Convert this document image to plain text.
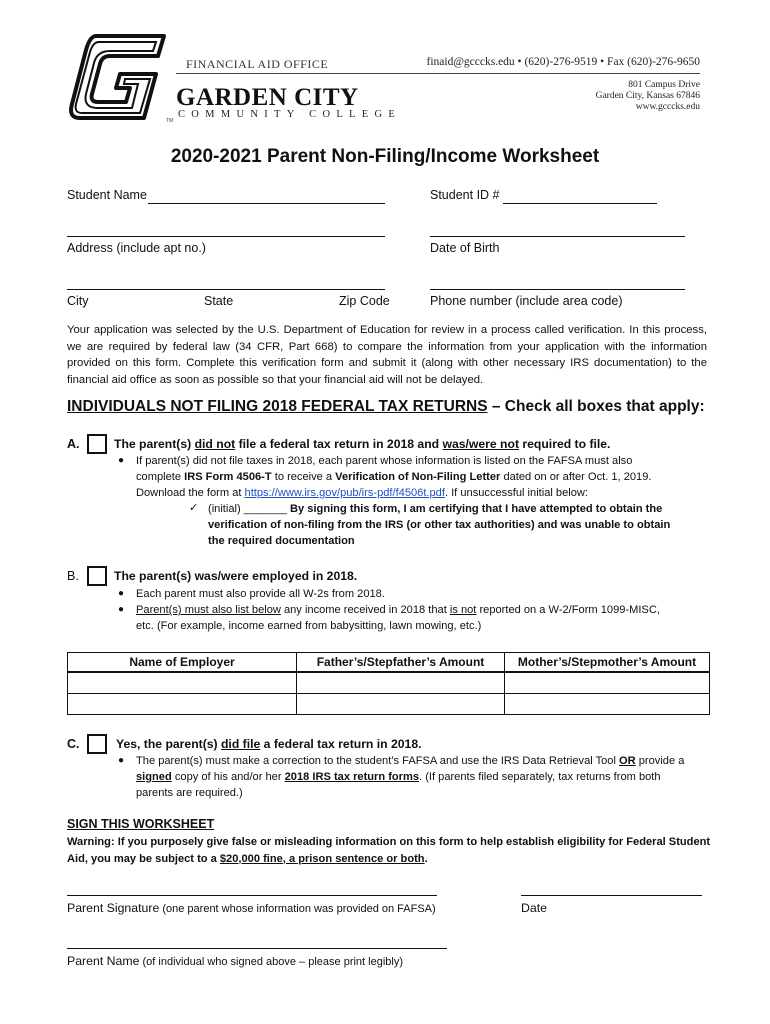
TM
FINANCIAL AID OFFICE	finaid@gcccks.edu • (620)-276-9519 • Fax (620)-276-9650
GARDEN CITY
COMMUNITY COLLEGE
801 Campus Drive
Garden City, Kansas 67846
www.gcccks.edu
2020-2021 Parent Non-Filing/Income Worksheet
Student Name	Student ID #
Address (include apt no.)	Date of Birth
City	State	Zip Code	Phone number (include area code)
Your application was selected by the U.S. Department of Education for review in a process called verification. In this process, we are required by federal law (34 CFR, Part 668) to compare the information from your application with the information provided on this form. Complete this verification form and submit it (along with other necessary IRS documentation) to the financial aid office as soon as possible so that your financial aid will not be delayed.
INDIVIDUALS NOT FILING 2018 FEDERAL TAX RETURNS – Check all boxes that apply:
A.	The parent(s) did not file a federal tax return in 2018 and was/were not required to file.
● If parent(s) did not file taxes in 2018, each parent whose information is listed on the FAFSA must also
complete IRS Form 4506-T to receive a Verification of Non-Filing Letter dated on or after Oct. 1, 2019.
Download the form at https://www.irs.gov/pub/irs-pdf/f4506t.pdf. If unsuccessful initial below:
✓ (initial) _______ By signing this form, I am certifying that I have attempted to obtain the
verification of non-filing from the IRS (or other tax authorities) and was unable to obtain
the required documentation
B.	The parent(s) was/were employed in 2018.
● Each parent must also provide all W-2s from 2018.
● Parent(s) must also list below any income received in 2018 that is not reported on a W-2/Form 1099-MISC,
etc. (For example, income earned from babysitting, lawn mowing, etc.)
Name of Employer	Father’s/Stepfather’s Amount	Mother’s/Stepmother’s Amount

C.	Yes, the parent(s) did file a federal tax return in 2018.
● The parent(s) must make a correction to the student’s FAFSA and use the IRS Data Retrieval Tool OR provide a
signed copy of his and/or her 2018 IRS tax return forms. (If parents filed separately, tax returns from both
parents are required.)
SIGN THIS WORKSHEET
Warning: If you purposely give false or misleading information on this form to help establish eligibility for Federal Student
Aid, you may be subject to a $20,000 fine, a prison sentence or both.
Parent Signature (one parent whose information was provided on FAFSA)	Date
Parent Name (of individual who signed above – please print legibly)
